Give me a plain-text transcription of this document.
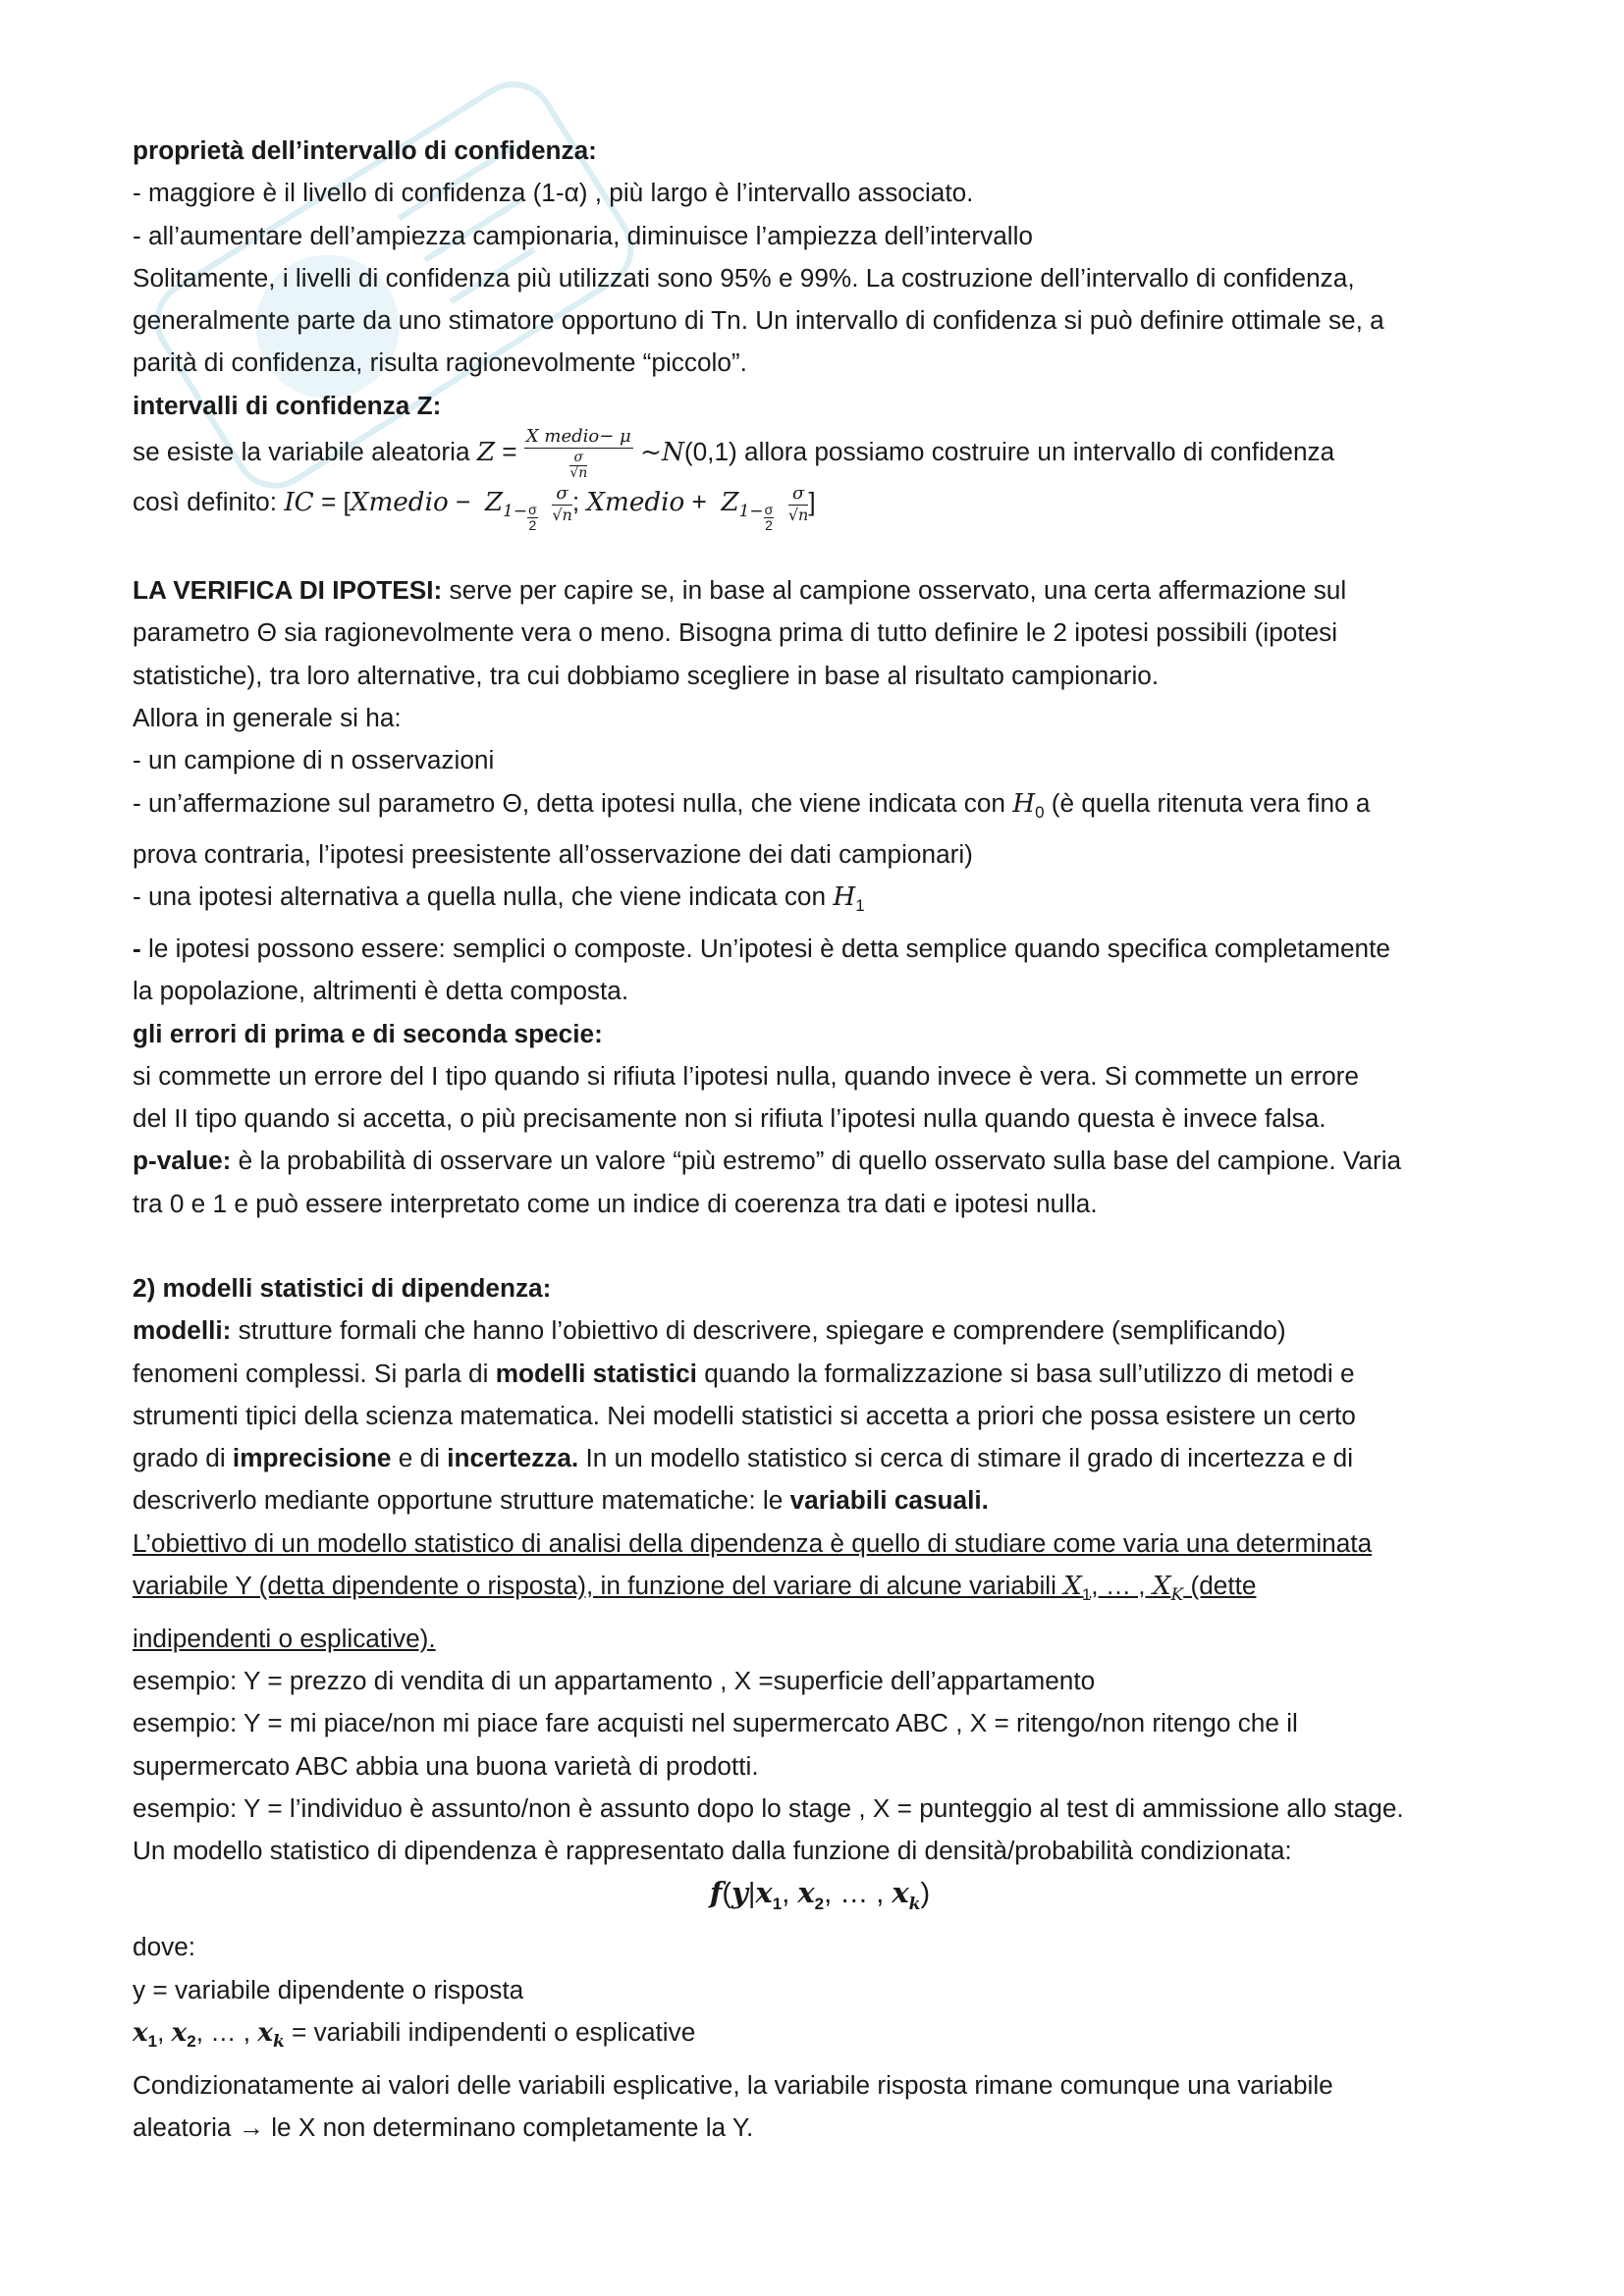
proprietà dell’intervallo di confidenza:

- maggiore è il livello di confidenza (1-α) , più largo è l’intervallo associato.

- all’aumentare dell’ampiezza campionaria, diminuisce l’ampiezza dell’intervallo

Solitamente, i livelli di confidenza più utilizzati sono 95% e 99%. La costruzione dell’intervallo di confidenza,

generalmente parte da uno stimatore opportuno di Tn. Un intervallo di confidenza si può definire ottimale se, a

parità di confidenza, risulta ragionevolmente “piccolo”.

intervalli di confidenza Z:

se esiste la variabile aleatoria $Z = \frac{\text{X medio− μ}}{\frac{\sigma}{√n}}$ ~N(0,1) allora possiamo costruire un intervallo di confidenza

così definito: IC = [Xmedio −  $Z_{1- \frac{\sigma}{2}}$
$\frac{\sigma}{√n}$ ; Xmedio +  $Z_{1- \frac{\sigma}{2}}$
$\frac{\sigma}{√n}$ ]

LA VERIFICA DI IPOTESI: serve per capire se, in base al campione osservato, una certa affermazione sul

parametro Θ sia ragionevolmente vera o meno. Bisogna prima di tutto definire le 2 ipotesi possibili (ipotesi

statistiche), tra loro alternative, tra cui dobbiamo scegliere in base al risultato campionario.

Allora in generale si ha:

- un campione di n osservazioni

- un’affermazione sul parametro Θ, detta ipotesi nulla, che viene indicata con $H_0$ (è quella ritenuta vera fino a

prova contraria, l’ipotesi preesistente all’osservazione dei dati campionari)

- una ipotesi alternativa a quella nulla, che viene indicata con $H_1$

- le ipotesi possono essere: semplici o composte. Un’ipotesi è detta semplice quando specifica completamente

la popolazione, altrimenti è detta composta.

gli errori di prima e di seconda specie:

si commette un errore del I tipo quando si rifiuta l’ipotesi nulla, quando invece è vera. Si commette un errore

del II tipo quando si accetta, o più precisamente non si rifiuta l’ipotesi nulla quando questa è invece falsa.

p-value: è la probabilità di osservare un valore “più estremo” di quello osservato sulla base del campione. Varia

tra 0 e 1 e può essere interpretato come un indice di coerenza tra dati e ipotesi nulla.

2) modelli statistici di dipendenza:

modelli: strutture formali che hanno l’obiettivo di descrivere, spiegare e comprendere (semplificando)

fenomeni complessi. Si parla di modelli statistici quando la formalizzazione si basa sull’utilizzo di metodi e

strumenti tipici della scienza matematica. Nei modelli statistici si accetta a priori che possa esistere un certo

grado di imprecisione e di incertezza. In un modello statistico si cerca di stimare il grado di incertezza e di

descriverlo mediante opportune strutture matematiche: le variabili casuali.

L’obiettivo di un modello statistico di analisi della dipendenza è quello di studiare come varia una determinata

variabile Y (detta dipendente o risposta), in funzione del variare di alcune variabili $X_1$, … , $X_K$ (dette

indipendenti o esplicative).

esempio: Y = prezzo di vendita di un appartamento , X =superficie dell’appartamento

esempio: Y = mi piace/non mi piace fare acquisti nel supermercato ABC , X = ritengo/non ritengo che il

supermercato ABC abbia una buona varietà di prodotti.

esempio: Y = l’individuo è assunto/non è assunto dopo lo stage , X = punteggio al test di ammissione allo stage.

Un modello statistico di dipendenza è rappresentato dalla funzione di densità/probabilità condizionata:

$f(y|x_1$, $x_2$, … , $x_k$)

dove:

y = variabile dipendente o risposta

$x_1$, $x_2$, … , $x_k$ = variabili indipendenti o esplicative

Condizionatamente ai valori delle variabili esplicative, la variabile risposta rimane comunque una variabile

aleatoria → le X non determinano completamente la Y.
